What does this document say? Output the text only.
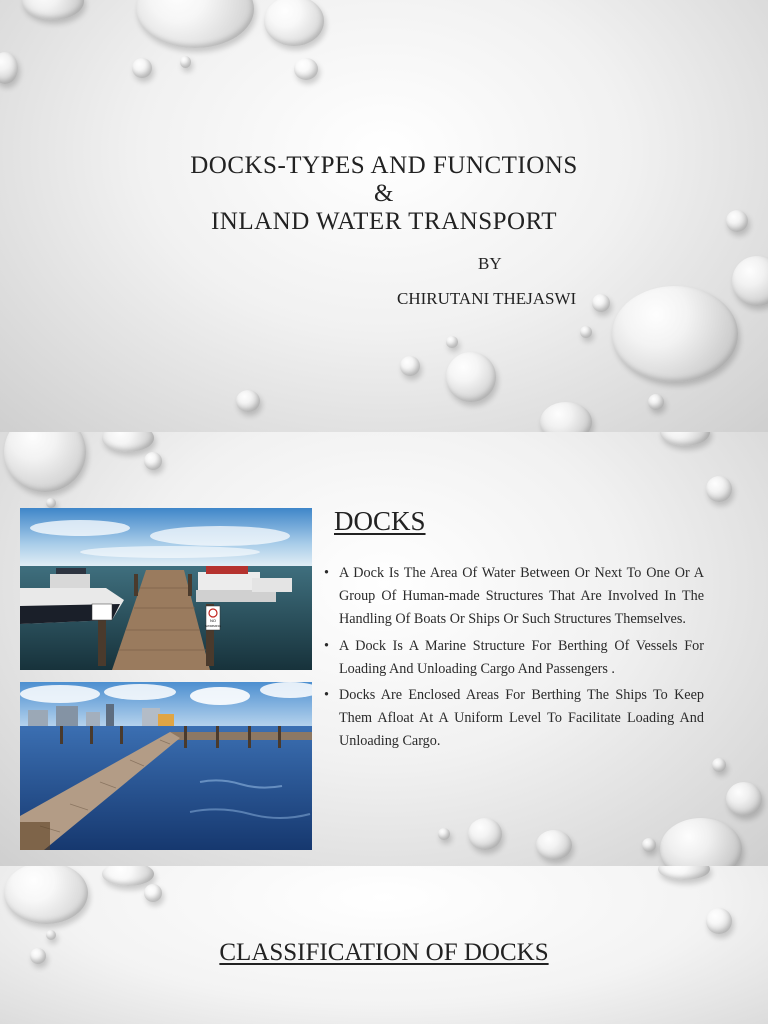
DOCKS-TYPES AND FUNCTIONS
&
INLAND WATER TRANSPORT
BY
CHIRUTANI THEJASWI
NO
SWIMMING
DOCKS
• A Dock Is The Area Of Water Between Or Next To One Or A Group Of Human-made Structures That Are Involved In The Handling Of Boats Or Ships Or Such Structures Themselves.
• A Dock Is A Marine Structure For Berthing Of Vessels For Loading And Unloading Cargo And Passengers .
• Docks Are Enclosed Areas For Berthing The Ships To Keep Them Afloat At A Uniform Level To Facilitate Loading And Unloading Cargo.
CLASSIFICATION OF DOCKS
